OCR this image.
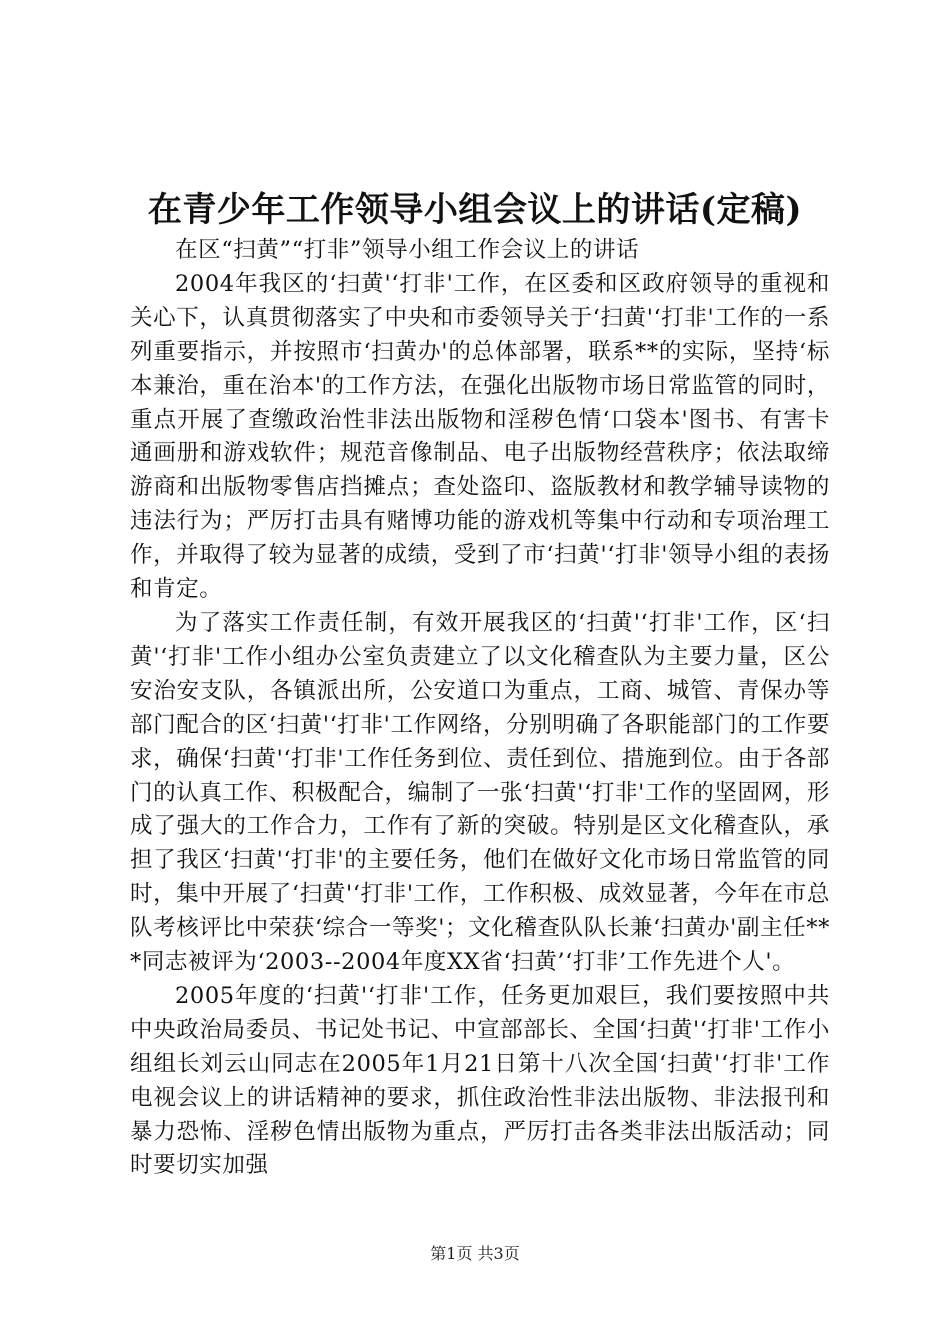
在青少年工作领导小组会议上的讲话(定稿)

在区“扫黄”“打非”领导小组工作会议上的讲话

2004年我区的‘扫黄'‘打非'工作，在区委和区政府领导的重视和关心下，认真贯彻落实了中央和市委领导关于‘扫黄'‘打非'工作的一系列重要指示，并按照市‘扫黄办'的总体部署，联系**的实际，坚持‘标本兼治，重在治本'的工作方法，在强化出版物市场日常监管的同时，重点开展了查缴政治性非法出版物和淫秽色情‘口袋本'图书、有害卡通画册和游戏软件；规范音像制品、电子出版物经营秩序；依法取缔游商和出版物零售店挡摊点；查处盗印、盗版教材和教学辅导读物的违法行为；严厉打击具有赌博功能的游戏机等集中行动和专项治理工作，并取得了较为显著的成绩，受到了市‘扫黄'‘打非'领导小组的表扬和肯定。

为了落实工作责任制，有效开展我区的‘扫黄'‘打非'工作，区‘扫黄'‘打非'工作小组办公室负责建立了以文化稽查队为主要力量，区公安治安支队，各镇派出所，公安道口为重点，工商、城管、青保办等部门配合的区‘扫黄'‘打非'工作网络，分别明确了各职能部门的工作要求，确保‘扫黄'‘打非'工作任务到位、责任到位、措施到位。由于各部门的认真工作、积极配合，编制了一张‘扫黄'‘打非'工作的坚固网，形成了强大的工作合力，工作有了新的突破。特别是区文化稽查队，承担了我区‘扫黄'‘打非'的主要任务，他们在做好文化市场日常监管的同时，集中开展了‘扫黄'‘打非'工作，工作积极、成效显著，今年在市总队考核评比中荣获‘综合一等奖'；文化稽查队队长兼‘扫黄办'副主任***同志被评为‘2003--2004年度XX省‘扫黄’‘打非’工作先进个人'。

2005年度的‘扫黄'‘打非'工作，任务更加艰巨，我们要按照中共中央政治局委员、书记处书记、中宣部部长、全国‘扫黄'‘打非'工作小组组长刘云山同志在2005年1月21日第十八次全国‘扫黄'‘打非'工作电视会议上的讲话精神的要求，抓住政治性非法出版物、非法报刊和暴力恐怖、淫秽色情出版物为重点，严厉打击各类非法出版活动；同时要切实加强

第1页 共3页
